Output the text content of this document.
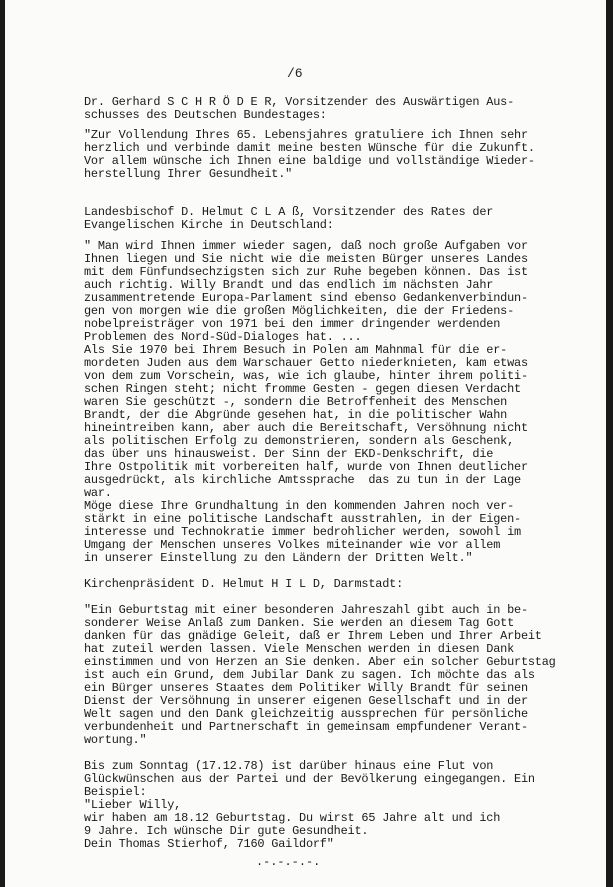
/6

Dr. Gerhard S C H R Ö D E R, Vorsitzender des Auswärtigen Aus-

schusses des Deutschen Bundestages:

"Zur Vollendung Ihres 65. Lebensjahres gratuliere ich Ihnen sehr

herzlich und verbinde damit meine besten Wünsche für die Zukunft.

Vor allem wünsche ich Ihnen eine baldige und vollständige Wieder-

herstellung Ihrer Gesundheit."

Landesbischof D. Helmut C L A ß, Vorsitzender des Rates der

Evangelischen Kirche in Deutschland:

" Man wird Ihnen immer wieder sagen, daß noch große Aufgaben vor

Ihnen liegen und Sie nicht wie die meisten Bürger unseres Landes

mit dem Fünfundsechzigsten sich zur Ruhe begeben können. Das ist

auch richtig. Willy Brandt und das endlich im nächsten Jahr

zusammentretende Europa-Parlament sind ebenso Gedankenverbindun-

gen von morgen wie die großen Möglichkeiten, die der Friedens-

nobelpreisträger von 1971 bei den immer dringender werdenden

Problemen des Nord-Süd-Dialoges hat. ...

Als Sie 1970 bei Ihrem Besuch in Polen am Mahnmal für die er-

mordeten Juden aus dem Warschauer Getto niederknieten, kam etwas

von dem zum Vorschein, was, wie ich glaube, hinter ihrem politi-

schen Ringen steht; nicht fromme Gesten - gegen diesen Verdacht

waren Sie geschützt -, sondern die Betroffenheit des Menschen

Brandt, der die Abgründe gesehen hat, in die politischer Wahn

hineintreiben kann, aber auch die Bereitschaft, Versöhnung nicht

als politischen Erfolg zu demonstrieren, sondern als Geschenk,

das über uns hinausweist. Der Sinn der EKD-Denkschrift, die

Ihre Ostpolitik mit vorbereiten half, wurde von Ihnen deutlicher

ausgedrückt, als kirchliche Amtssprache  das zu tun in der Lage

war.

Möge diese Ihre Grundhaltung in den kommenden Jahren noch ver-

stärkt in eine politische Landschaft ausstrahlen, in der Eigen-

interesse und Technokratie immer bedrohlicher werden, sowohl im

Umgang der Menschen unseres Volkes miteinander wie vor allem

in unserer Einstellung zu den Ländern der Dritten Welt."

Kirchenpräsident D. Helmut H I L D, Darmstadt:

"Ein Geburtstag mit einer besonderen Jahreszahl gibt auch in be-

sonderer Weise Anlaß zum Danken. Sie werden an diesem Tag Gott

danken für das gnädige Geleit, daß er Ihrem Leben und Ihrer Arbeit

hat zuteil werden lassen. Viele Menschen werden in diesen Dank

einstimmen und von Herzen an Sie denken. Aber ein solcher Geburtstag

ist auch ein Grund, dem Jubilar Dank zu sagen. Ich möchte das als

ein Bürger unseres Staates dem Politiker Willy Brandt für seinen

Dienst der Versöhnung in unserer eigenen Gesellschaft und in der

Welt sagen und den Dank gleichzeitig aussprechen für persönliche

verbundenheit und Partnerschaft in gemeinsam empfundener Verant-

wortung."

Bis zum Sonntag (17.12.78) ist darüber hinaus eine Flut von

Glückwünschen aus der Partei und der Bevölkerung eingegangen. Ein

Beispiel:

"Lieber Willy,

wir haben am 18.12 Geburtstag. Du wirst 65 Jahre alt und ich

9 Jahre. Ich wünsche Dir gute Gesundheit.

Dein Thomas Stierhof, 7160 Gaildorf"

.-.-.-.-.
